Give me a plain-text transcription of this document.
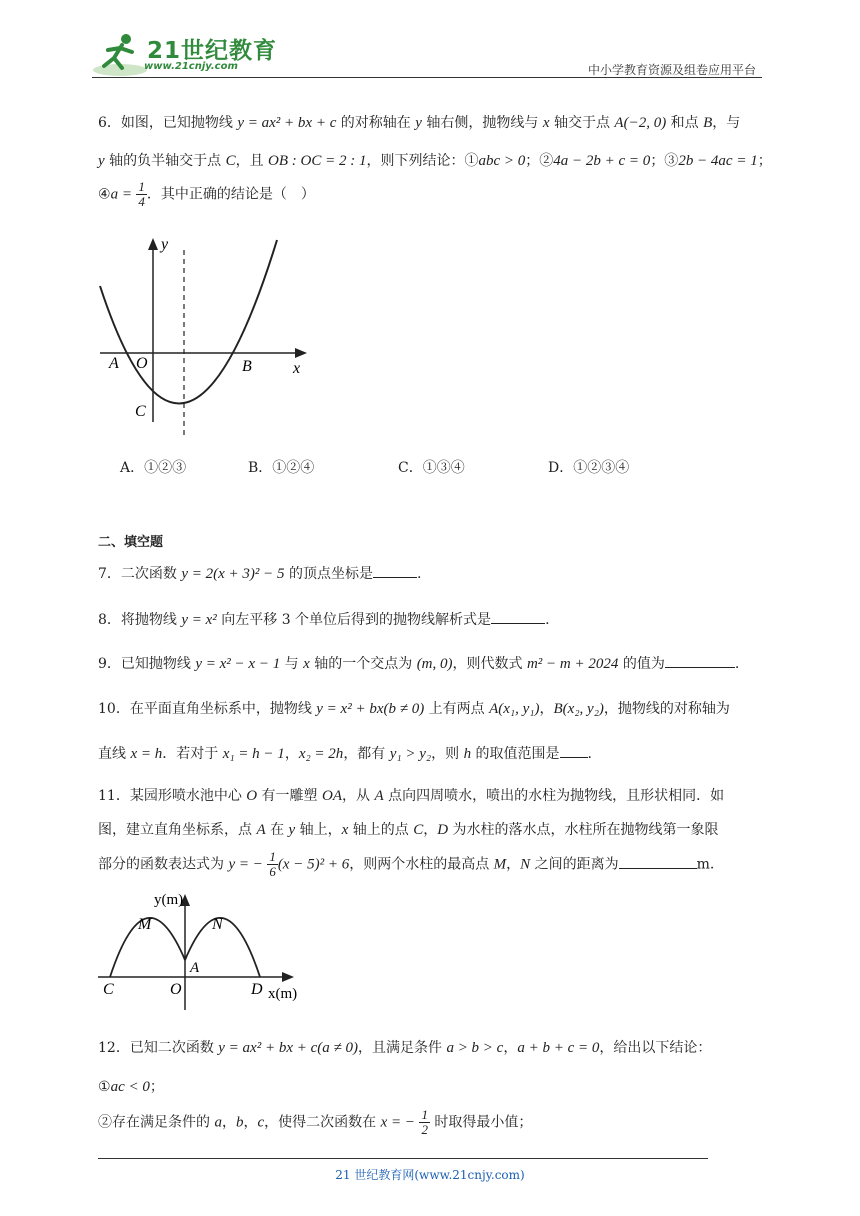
21世纪教育
www.21cnjy.com	中小学教育资源及组卷应用平台
6．如图，已知抛物线 y = ax² + bx + c 的对称轴在 y 轴右侧，抛物线与 x 轴交于点 A(−2, 0) 和点 B，与
y 轴的负半轴交于点 C，且 OB : OC = 2 : 1，则下列结论：①abc > 0；②4a − 2b + c = 0；③2b − 4ac = 1；
④a = $\frac{1}{4}$ ．其中正确的结论是（　）
y
x
A O	B
C
A．①②③	B．①②④	C．①③④	D．①②③④
二、填空题
7．二次函数 y = 2(x + 3)² − 5 的顶点坐标是	.
8．将抛物线 y = x² 向左平移 3 个单位后得到的抛物线解析式是	.
9．已知抛物线 y = x² − x − 1 与 x 轴的一个交点为 (m, 0)，则代数式 m² − m + 2024 的值为	.
10．在平面直角坐标系中，抛物线 y = x² + bx(b ≠ 0) 上有两点 A(x₁, y₁)，B(x₂, y₂)，抛物线的对称轴为
直线 x = h．若对于 x₁ = h − 1，x₂ = 2h，都有 y₁ > y₂，则 h 的取值范围是 .
11．某园形喷水池中心 O 有一雕塑 OA，从 A 点向四周喷水，喷出的水柱为抛物线，且形状相同．如
图，建立直角坐标系，点 A 在 y 轴上，x 轴上的点 C，D 为水柱的落水点，水柱所在抛物线第一象限
部分的函数表达式为 y = − $\frac{1}{6} (x - 5)^2 + 6$，则两个水柱的最高点 M，N 之间的距离为	m.
y(m)
x(m)
M	N
A
C	O	D
12．已知二次函数 y = ax² + bx + c(a ≠ 0)，且满足条件 a > b > c，a + b + c = 0，给出以下结论：
①ac < 0；
②存在满足条件的 a，b，c，使得二次函数在 x = − $\frac{1}{2}$ 时取得最小值；
21 世纪教育网(www.21cnjy.com)
